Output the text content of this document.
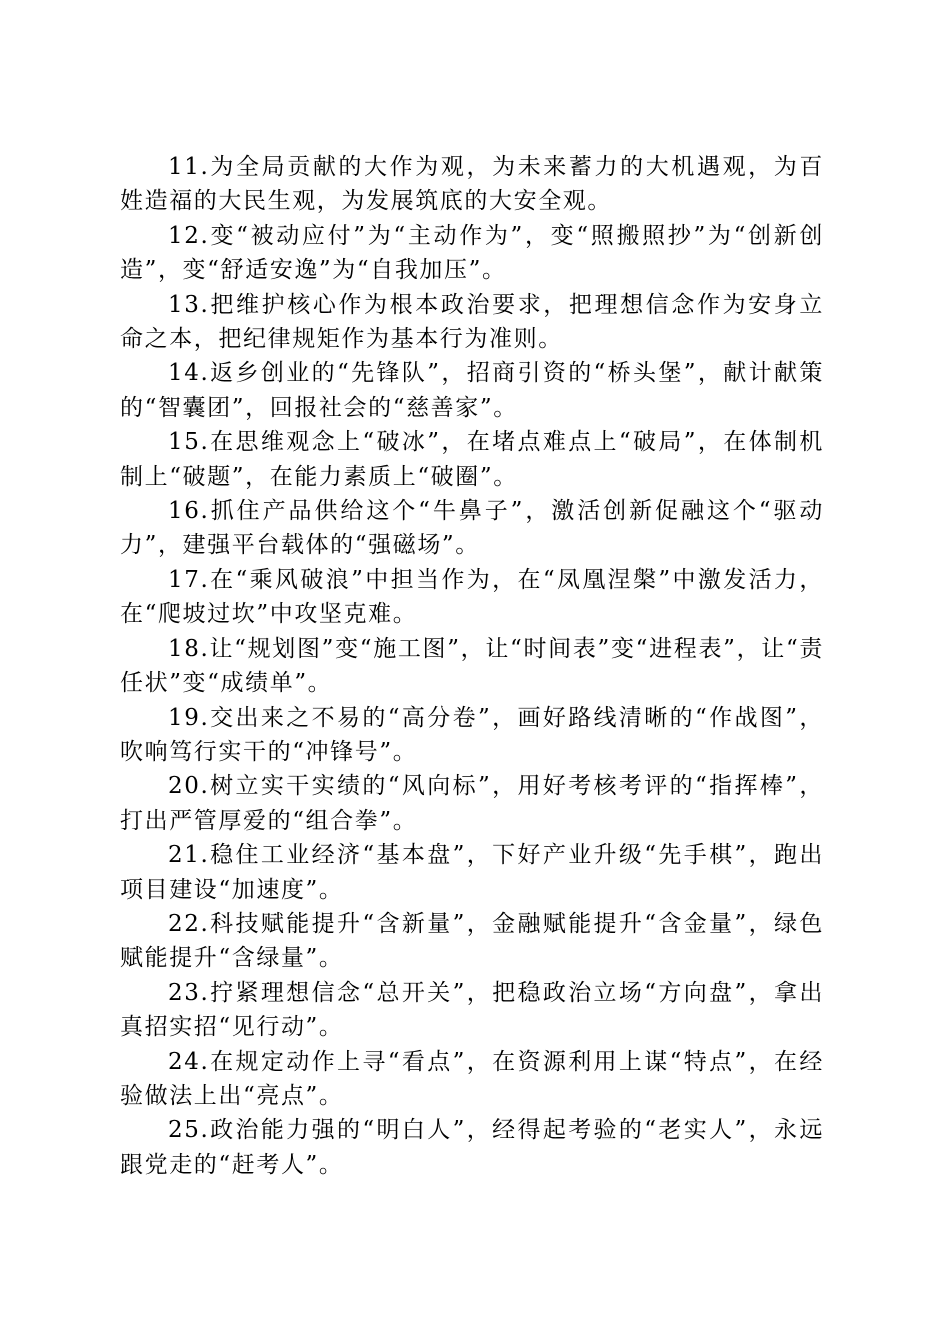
11.为全局贡献的大作为观，为未来蓄力的大机遇观，为百姓造福的大民生观，为发展筑底的大安全观。

12.变“被动应付”为“主动作为”，变“照搬照抄”为“创新创造”，变“舒适安逸”为“自我加压”。

13.把维护核心作为根本政治要求，把理想信念作为安身立命之本，把纪律规矩作为基本行为准则。

14.返乡创业的“先锋队”，招商引资的“桥头堡”，献计献策的“智囊团”，回报社会的“慈善家”。

15.在思维观念上“破冰”，在堵点难点上“破局”，在体制机制上“破题”，在能力素质上“破圈”。

16.抓住产品供给这个“牛鼻子”，激活创新促融这个“驱动力”，建强平台载体的“强磁场”。

17.在“乘风破浪”中担当作为，在“凤凰涅槃”中激发活力，在“爬坡过坎”中攻坚克难。

18.让“规划图”变“施工图”，让“时间表”变“进程表”，让“责任状”变“成绩单”。

19.交出来之不易的“高分卷”，画好路线清晰的“作战图”，吹响笃行实干的“冲锋号”。

20.树立实干实绩的“风向标”，用好考核考评的“指挥棒”，打出严管厚爱的“组合拳”。

21.稳住工业经济“基本盘”，下好产业升级“先手棋”，跑出项目建设“加速度”。

22.科技赋能提升“含新量”，金融赋能提升“含金量”，绿色赋能提升“含绿量”。

23.拧紧理想信念“总开关”，把稳政治立场“方向盘”，拿出真招实招“见行动”。

24.在规定动作上寻“看点”，在资源利用上谋“特点”，在经验做法上出“亮点”。

25.政治能力强的“明白人”，经得起考验的“老实人”，永远跟党走的“赶考人”。
